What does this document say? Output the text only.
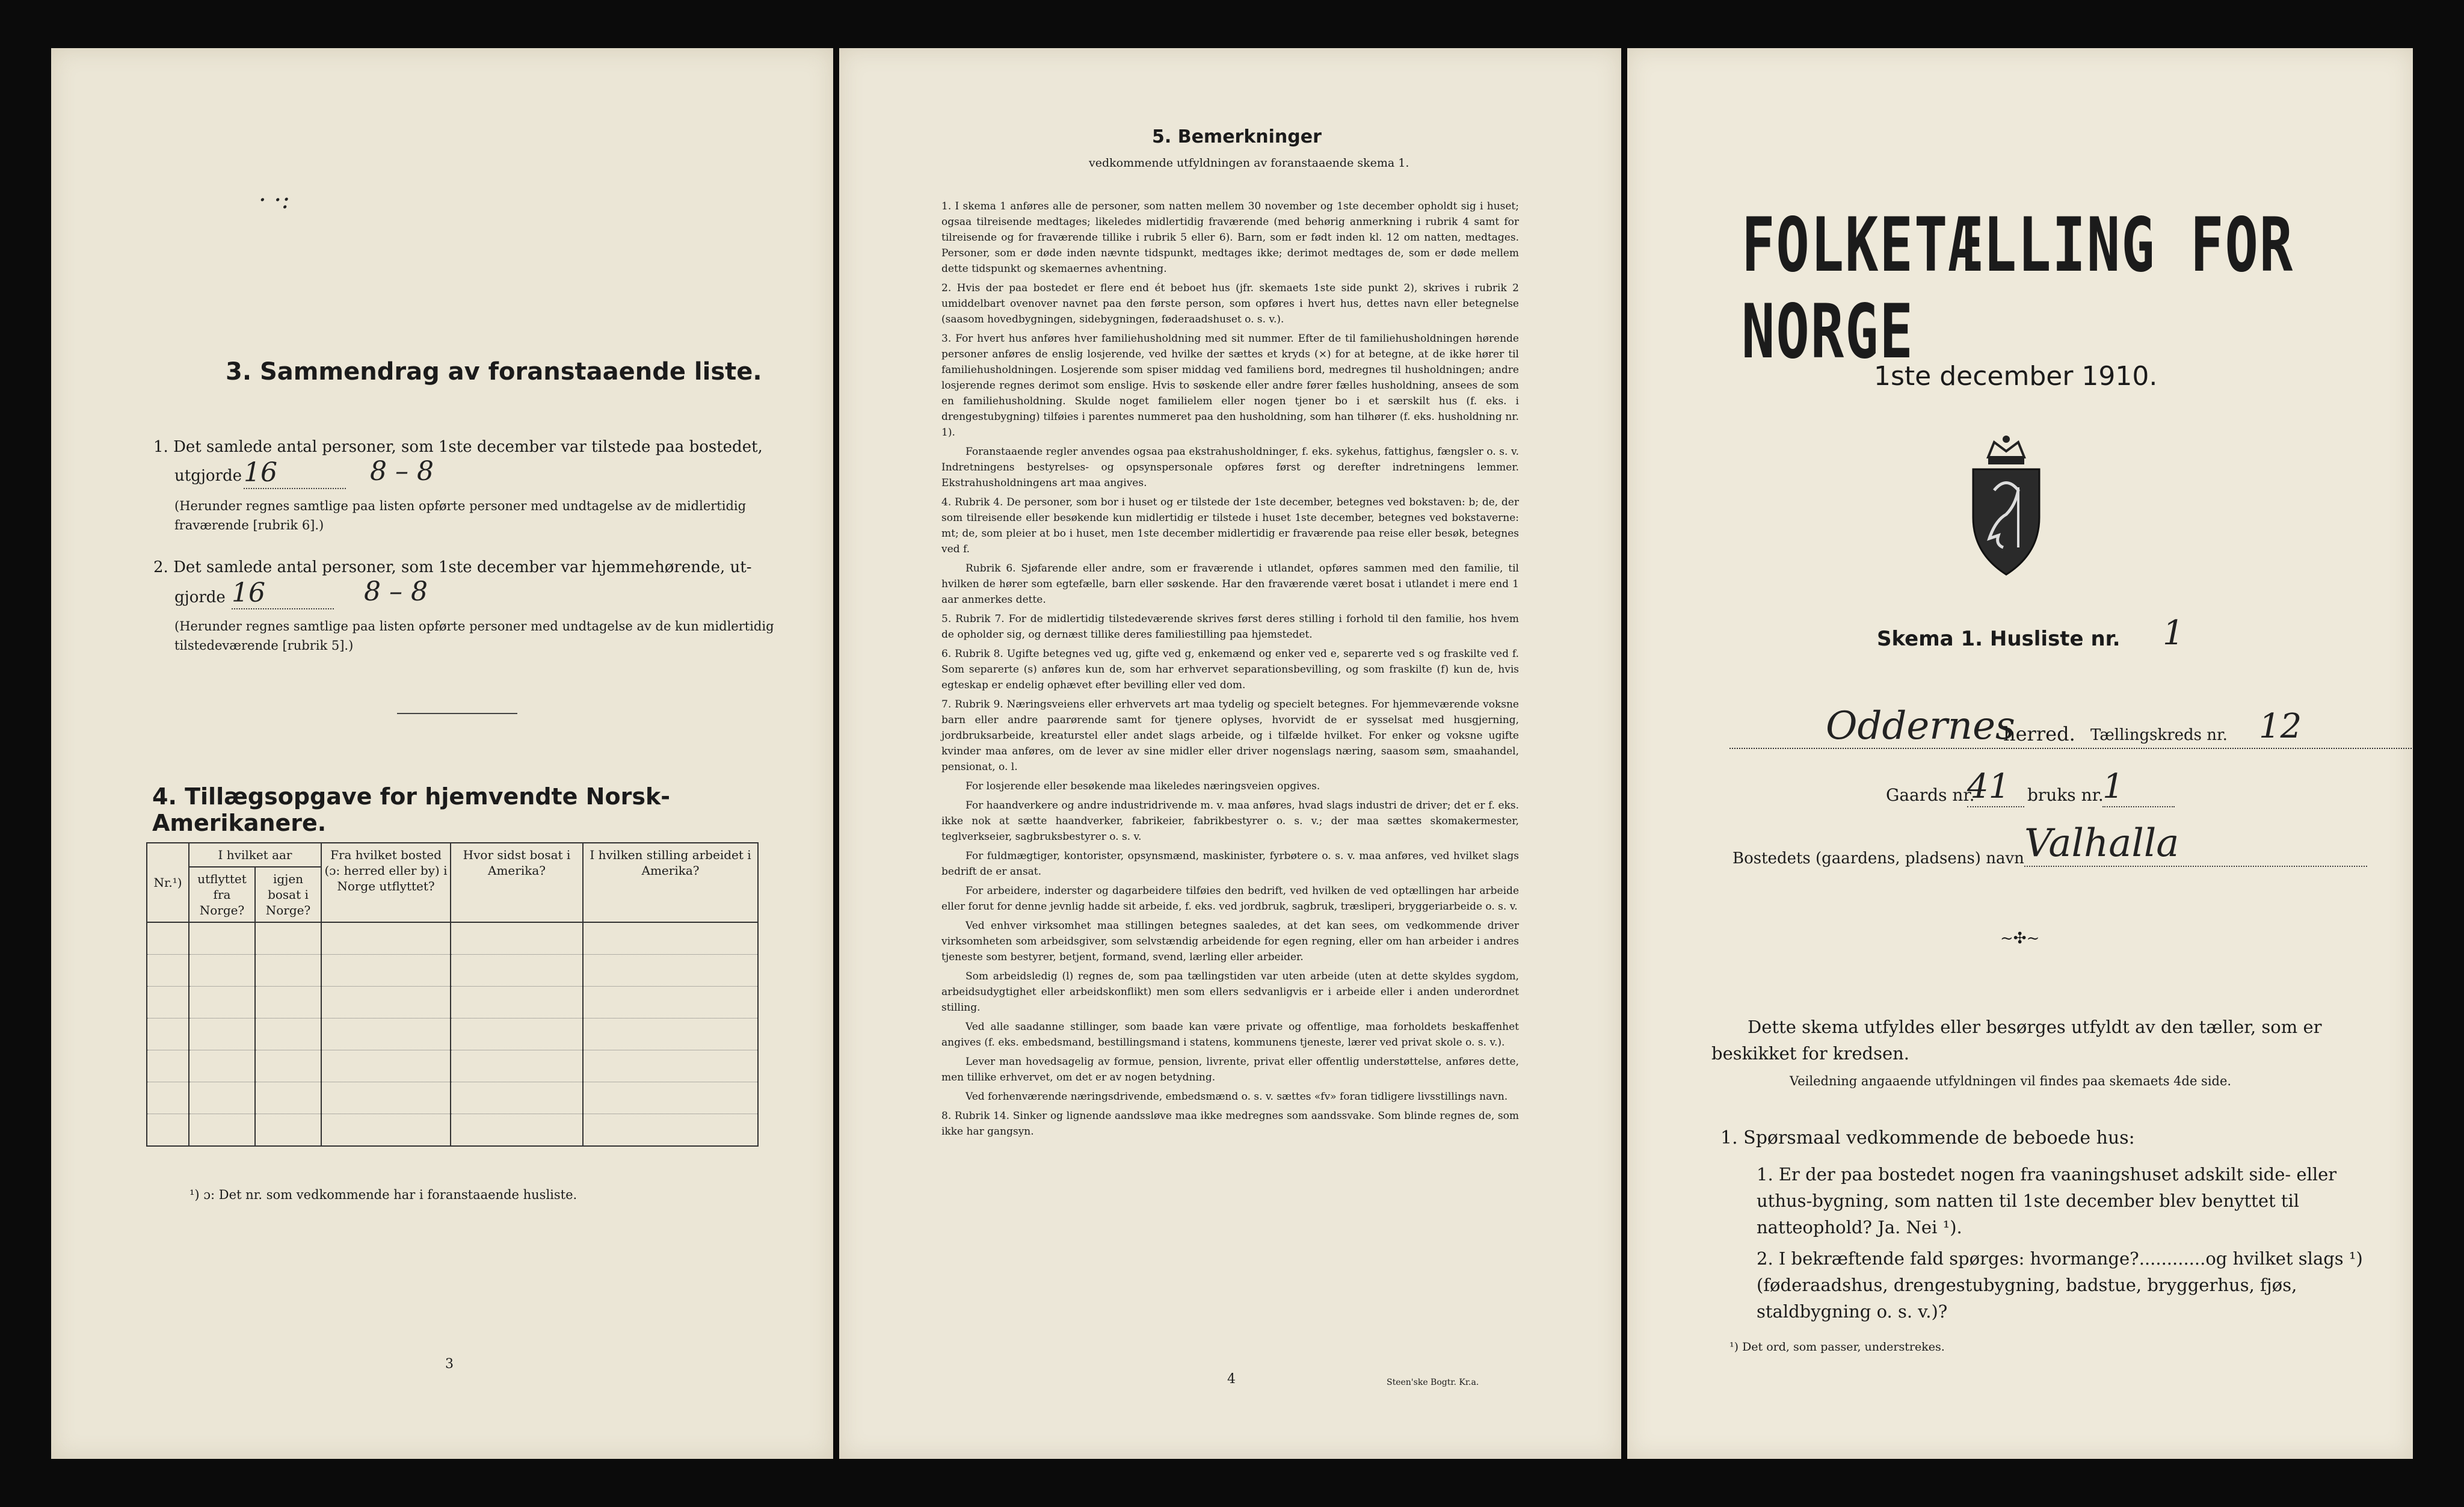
· ·:
3. Sammendrag av foranstaaende liste.
1. Det samlede antal personer, som 1ste december var tilstede paa bostedet,
utgjorde 16	8 – 8
(Herunder regnes samtlige paa listen opførte personer med undtagelse av de midlertidig fraværende [rubrik 6].)
2. Det samlede antal personer, som 1ste december var hjemmehørende, ut-
gjorde 16	8 – 8
(Herunder regnes samtlige paa listen opførte personer med undtagelse av de kun midlertidig tilstedeværende [rubrik 5].)
4. Tillægsopgave for hjemvendte Norsk-Amerikanere.
Nr.¹)	I hvilket aar		Fra hvilket bosted (ɔ: herred eller by) i Norge utflyttet?	Hvor sidst bosat i Amerika?	I hvilken stilling arbeidet i Amerika?
	utflyttet fra Norge?	igjen bosat i Norge?			

¹) ɔ: Det nr. som vedkommende har i foranstaaende husliste.
3
5. Bemerkninger
vedkommende utfyldningen av foranstaaende skema 1.

1. I skema 1 anføres alle de personer, som natten mellem 30 november og 1ste december opholdt sig i huset; ogsaa tilreisende medtages; likeledes midlertidig fraværende (med behørig anmerkning i rubrik 4 samt for tilreisende og for fraværende tillike i rubrik 5 eller 6). Barn, som er født inden kl. 12 om natten, medtages. Personer, som er døde inden nævnte tidspunkt, medtages ikke; derimot medtages de, som er døde mellem dette tidspunkt og skemaernes avhentning.

2. Hvis der paa bostedet er flere end ét beboet hus (jfr. skemaets 1ste side punkt 2), skrives i rubrik 2 umiddelbart ovenover navnet paa den første person, som opføres i hvert hus, dettes navn eller betegnelse (saasom hovedbygningen, sidebygningen, føderaadshuset o. s. v.).

3. For hvert hus anføres hver familiehusholdning med sit nummer. Efter de til familiehusholdningen hørende personer anføres de enslig losjerende, ved hvilke der sættes et kryds (×) for at betegne, at de ikke hører til familiehusholdningen. Losjerende som spiser middag ved familiens bord, medregnes til husholdningen; andre losjerende regnes derimot som enslige. Hvis to søskende eller andre fører fælles husholdning, ansees de som en familiehusholdning. Skulde noget familielem eller nogen tjener bo i et særskilt hus (f. eks. i drengestubygning) tilføies i parentes nummeret paa den husholdning, som han tilhører (f. eks. husholdning nr. 1).

Foranstaaende regler anvendes ogsaa paa ekstrahusholdninger, f. eks. sykehus, fattighus, fængsler o. s. v. Indretningens bestyrelses- og opsynspersonale opføres først og derefter indretningens lemmer. Ekstrahusholdningens art maa angives.

4. Rubrik 4. De personer, som bor i huset og er tilstede der 1ste december, betegnes ved bokstaven: b; de, der som tilreisende eller besøkende kun midlertidig er tilstede i huset 1ste december, betegnes ved bokstaverne: mt; de, som pleier at bo i huset, men 1ste december midlertidig er fraværende paa reise eller besøk, betegnes ved f.

Rubrik 6. Sjøfarende eller andre, som er fraværende i utlandet, opføres sammen med den familie, til hvilken de hører som egtefælle, barn eller søskende. Har den fraværende været bosat i utlandet i mere end 1 aar anmerkes dette.

5. Rubrik 7. For de midlertidig tilstedeværende skrives først deres stilling i forhold til den familie, hos hvem de opholder sig, og dernæst tillike deres familiestilling paa hjemstedet.

6. Rubrik 8. Ugifte betegnes ved ug, gifte ved g, enkemænd og enker ved e, separerte ved s og fraskilte ved f. Som separerte (s) anføres kun de, som har erhvervet separationsbevilling, og som fraskilte (f) kun de, hvis egteskap er endelig ophævet efter bevilling eller ved dom.

7. Rubrik 9. Næringsveiens eller erhvervets art maa tydelig og specielt betegnes. For hjemmeværende voksne barn eller andre paarørende samt for tjenere oplyses, hvorvidt de er sysselsat med husgjerning, jordbruksarbeide, kreaturstel eller andet slags arbeide, og i tilfælde hvilket. For enker og voksne ugifte kvinder maa anføres, om de lever av sine midler eller driver nogenslags næring, saasom søm, smaahandel, pensionat, o. l.

For losjerende eller besøkende maa likeledes næringsveien opgives.

For haandverkere og andre industridrivende m. v. maa anføres, hvad slags industri de driver; det er f. eks. ikke nok at sætte haandverker, fabrikeier, fabrikbestyrer o. s. v.; der maa sættes skomakermester, teglverkseier, sagbruksbestyrer o. s. v.

For fuldmægtiger, kontorister, opsynsmænd, maskinister, fyrbøtere o. s. v. maa anføres, ved hvilket slags bedrift de er ansat.

For arbeidere, inderster og dagarbeidere tilføies den bedrift, ved hvilken de ved optællingen har arbeide eller forut for denne jevnlig hadde sit arbeide, f. eks. ved jordbruk, sagbruk, træsliperi, bryggeriarbeide o. s. v.

Ved enhver virksomhet maa stillingen betegnes saaledes, at det kan sees, om vedkommende driver virksomheten som arbeidsgiver, som selvstændig arbeidende for egen regning, eller om han arbeider i andres tjeneste som bestyrer, betjent, formand, svend, lærling eller arbeider.

Som arbeidsledig (l) regnes de, som paa tællingstiden var uten arbeide (uten at dette skyldes sygdom, arbeidsudygtighet eller arbeidskonflikt) men som ellers sedvanligvis er i arbeide eller i anden underordnet stilling.

Ved alle saadanne stillinger, som baade kan være private og offentlige, maa forholdets beskaffenhet angives (f. eks. embedsmand, bestillingsmand i statens, kommunens tjeneste, lærer ved privat skole o. s. v.).

Lever man hovedsagelig av formue, pension, livrente, privat eller offentlig understøttelse, anføres dette, men tillike erhvervet, om det er av nogen betydning.

Ved forhenværende næringsdrivende, embedsmænd o. s. v. sættes «fv» foran tidligere livsstillings navn.

8. Rubrik 14. Sinker og lignende aandssløve maa ikke medregnes som aandssvake. Som blinde regnes de, som ikke har gangsyn.

4	Steen'ske Bogtr. Kr.a.
FOLKETÆLLING FOR NORGE
1ste december 1910.
Skema 1. Husliste nr. 1
Oddernes
herred. Tællingskreds nr. 12
Gaards nr.
41	bruks nr.
1
Bostedets (gaardens, pladsens) navn Valhalla
~✣~
Dette skema utfyldes eller besørges utfyldt av den tæller, som er beskikket for kredsen.
Veiledning angaaende utfyldningen vil findes paa skemaets 4de side.
1. Spørsmaal vedkommende de beboede hus:
1. Er der paa bostedet nogen fra vaaningshuset adskilt side- eller uthus-bygning, som natten til 1ste december blev benyttet til natteophold? Ja. Nei ¹).
2. I bekræftende fald spørges: hvormange?............og hvilket slags ¹) (føderaadshus, drengestubygning, badstue, bryggerhus, fjøs, staldbygning o. s. v.)?
¹) Det ord, som passer, understrekes.
